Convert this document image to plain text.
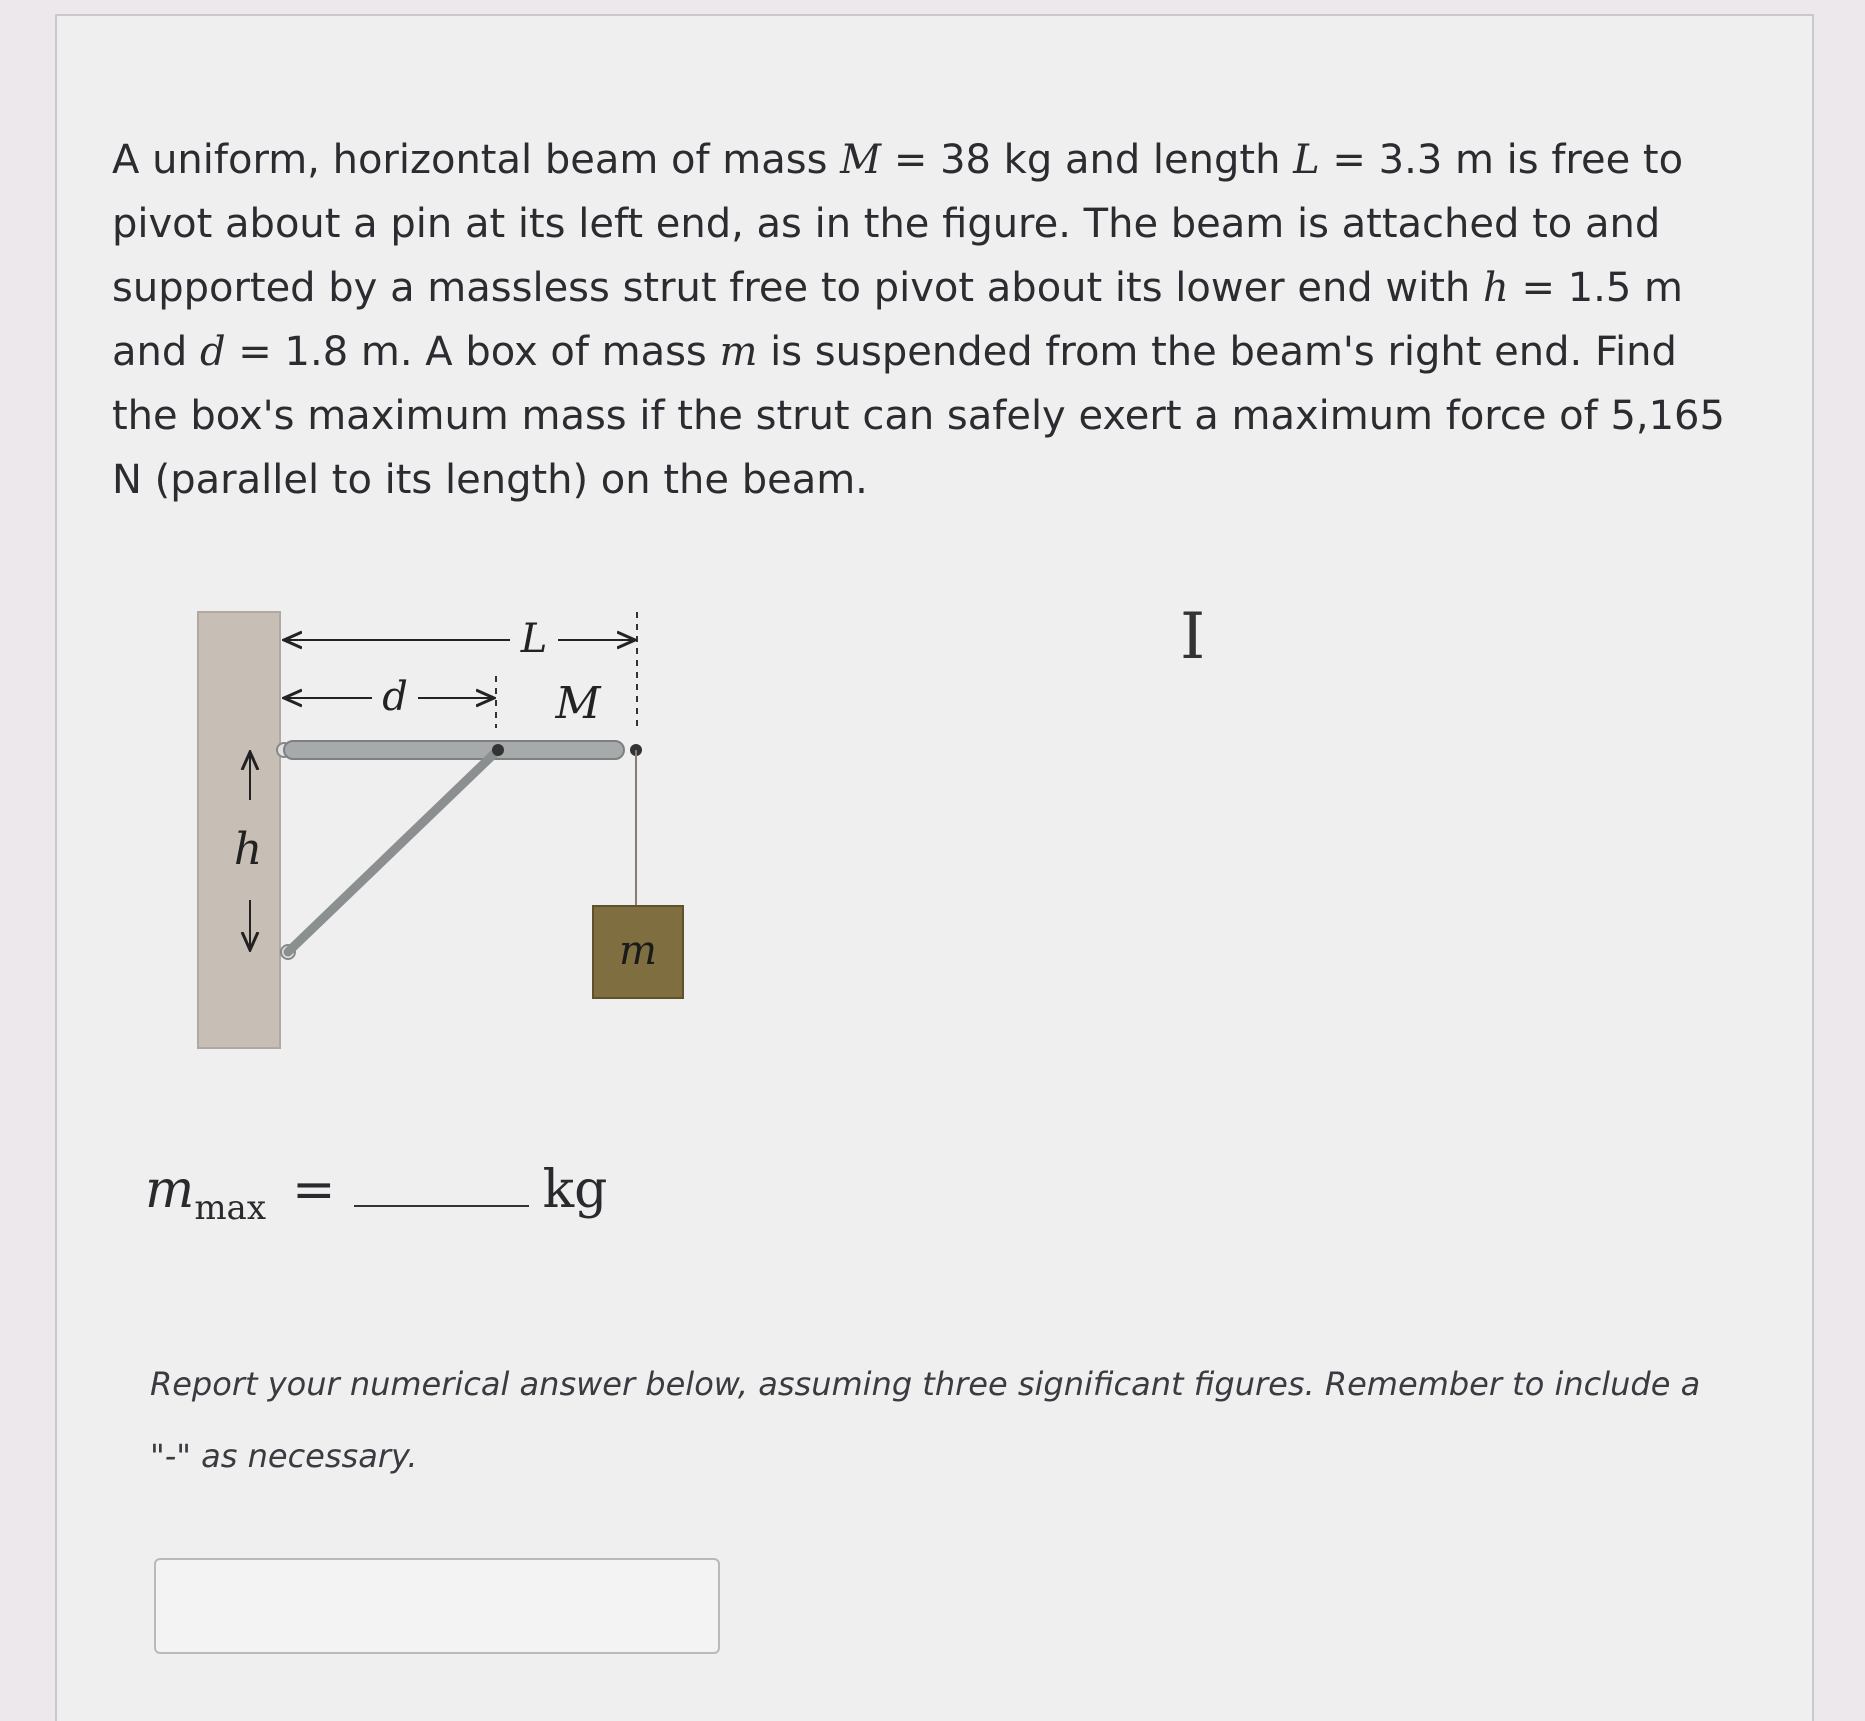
A uniform, horizontal beam of mass M = 38 kg and length L = 3.3 m is free to pivot about a pin at its left end, as in the figure. The beam is attached to and supported by a massless strut free to pivot about its lower end with h = 1.5 m and d = 1.8 m. A box of mass m is suspended from the beam's right end. Find the box's maximum mass if the strut can safely exert a maximum force of 5,165 N (parallel to its length) on the beam.
m
L
d	M
h
I
$m_{max}$ =	kg
Report your numerical answer below, assuming three significant figures. Remember to include a "-" as necessary.
